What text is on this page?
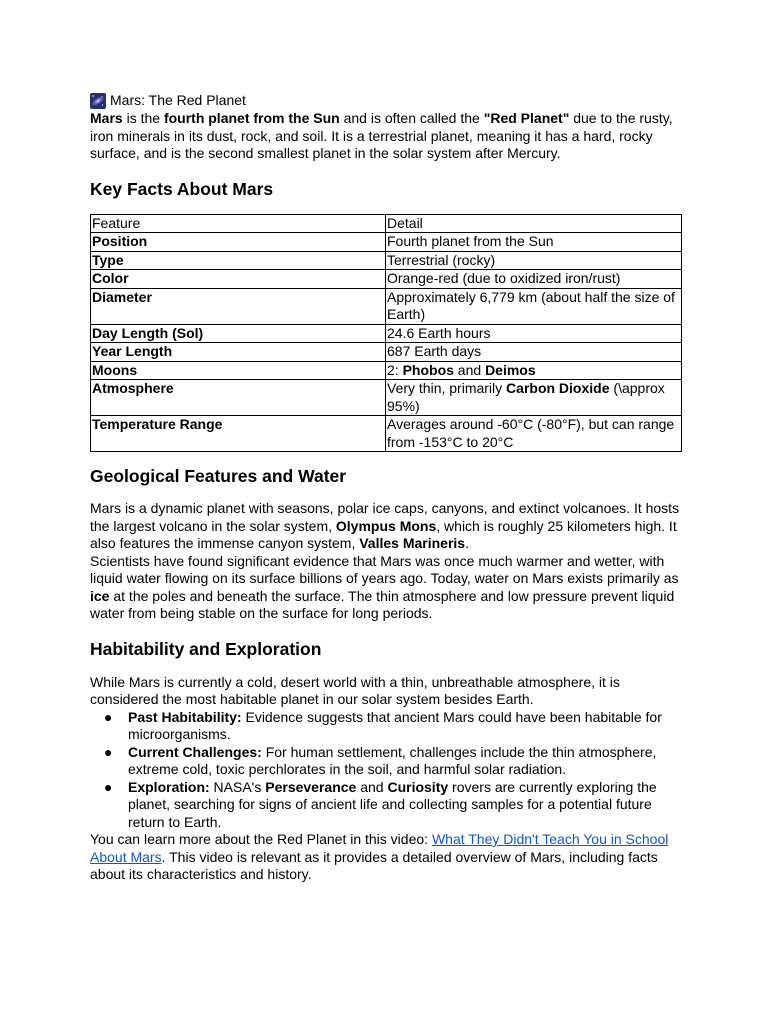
Mars: The Red Planet

Mars is the fourth planet from the Sun and is often called the "Red Planet" due to the rusty, iron minerals in its dust, rock, and soil. It is a terrestrial planet, meaning it has a hard, rocky surface, and is the second smallest planet in the solar system after Mercury.

Key Facts About Mars
Feature	Detail
Position	Fourth planet from the Sun
Type	Terrestrial (rocky)
Color	Orange-red (due to oxidized iron/rust)
Diameter	Approximately 6,779 km (about half the size of Earth)
Day Length (Sol)	24.6 Earth hours
Year Length	687 Earth days
Moons	2: Phobos and Deimos
Atmosphere	Very thin, primarily Carbon Dioxide (\approx 95%)
Temperature Range	Averages around -60°C (-80°F), but can range from -153°C to 20°C
Geological Features and Water

Mars is a dynamic planet with seasons, polar ice caps, canyons, and extinct volcanoes. It hosts the largest volcano in the solar system, Olympus Mons, which is roughly 25 kilometers high. It also features the immense canyon system, Valles Marineris.

Scientists have found significant evidence that Mars was once much warmer and wetter, with liquid water flowing on its surface billions of years ago. Today, water on Mars exists primarily as ice at the poles and beneath the surface. The thin atmosphere and low pressure prevent liquid water from being stable on the surface for long periods.

Habitability and Exploration

While Mars is currently a cold, desert world with a thin, unbreathable atmosphere, it is considered the most habitable planet in our solar system besides Earth.

● Past Habitability: Evidence suggests that ancient Mars could have been habitable for microorganisms.
● Current Challenges: For human settlement, challenges include the thin atmosphere, extreme cold, toxic perchlorates in the soil, and harmful solar radiation.
● Exploration: NASA's Perseverance and Curiosity rovers are currently exploring the planet, searching for signs of ancient life and collecting samples for a potential future return to Earth.

You can learn more about the Red Planet in this video: What They Didn't Teach You in School About Mars. This video is relevant as it provides a detailed overview of Mars, including facts about its characteristics and history.
